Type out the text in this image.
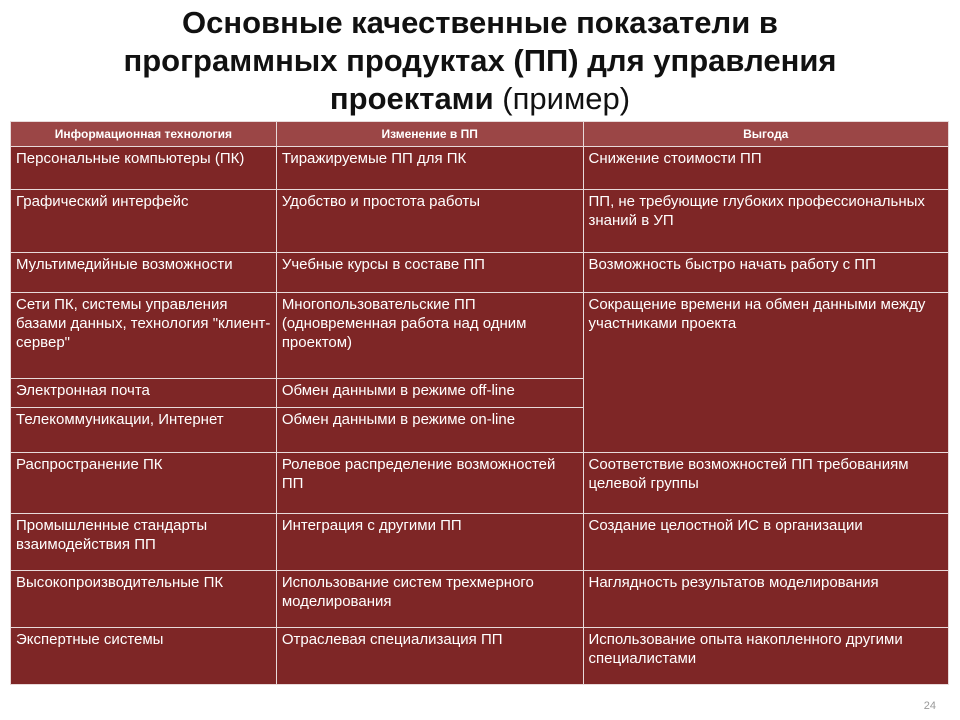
Основные качественные показатели в
программных продуктах (ПП) для управления
проектами (пример)
Информационная технология	Изменение в ПП	Выгода
Персональные компьютеры (ПК)	Тиражируемые ПП для ПК	Снижение стоимости ПП
Графический интерфейс	Удобство и простота работы	ПП, не требующие глубоких профессиональных знаний в УП
Мультимедийные возможности	Учебные курсы в составе ПП	Возможность быстро начать работу с ПП
Сети ПК, системы управления базами данных, технология "клиент-сервер"	Многопользовательские ПП (одновременная работа над одним проектом)	Сокращение времени на обмен данными между участниками проекта
Электронная почта	Обмен данными в режиме off-line	
Телекоммуникации, Интернет	Обмен данными в режиме on-line	
Распространение ПК	Ролевое распределение возможностей ПП	Соответствие возможностей ПП требованиям целевой группы
Промышленные стандарты взаимодействия ПП	Интеграция с другими ПП	Создание целостной ИС в организации
Высокопроизводительные ПК	Использование систем трехмерного моделирования	Наглядность результатов моделирования
Экспертные системы	Отраслевая специализация ПП	Использование опыта накопленного другими специалистами
24
